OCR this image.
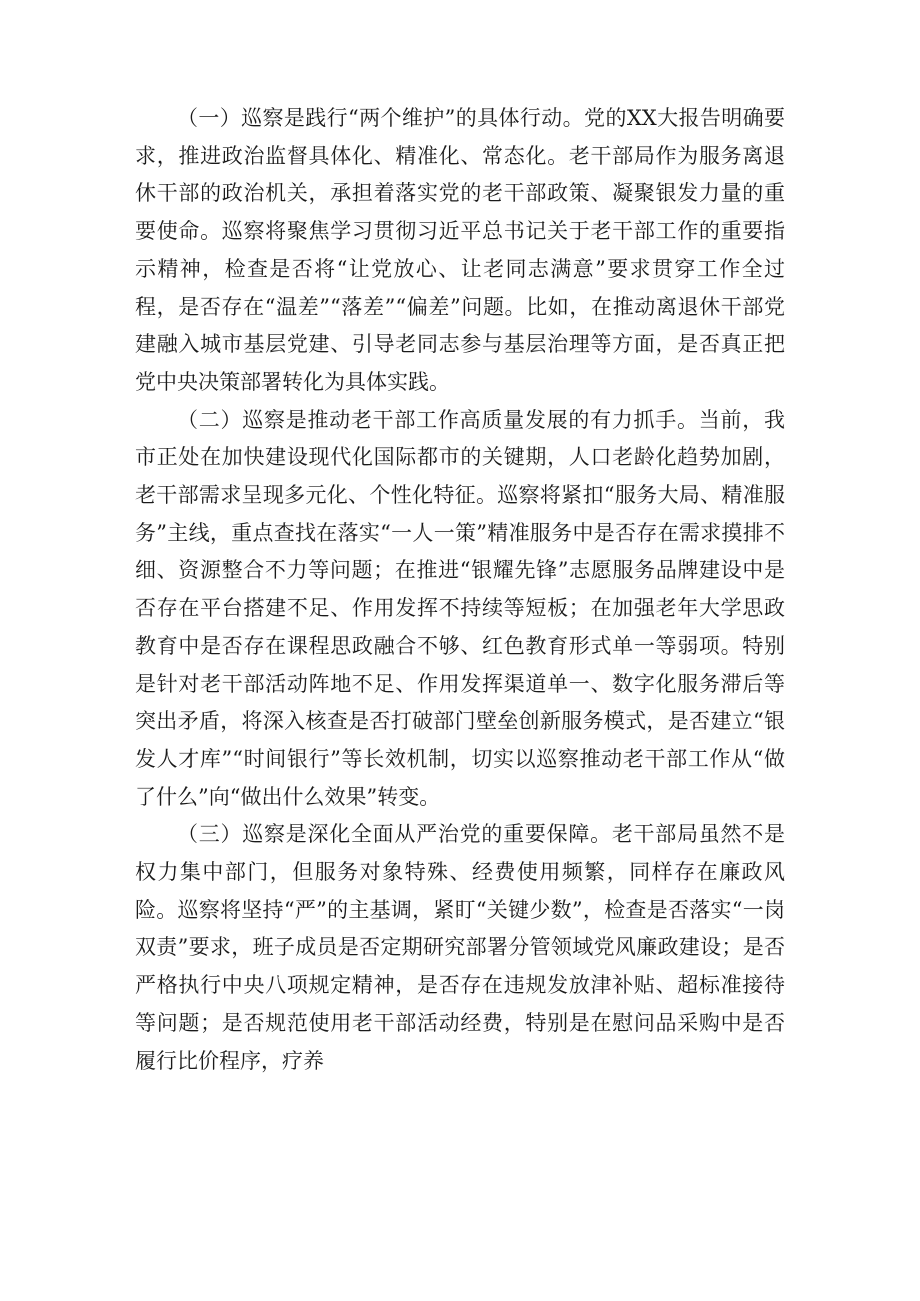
（一）巡察是践行“两个维护”的具体行动。党的XX大报告明确要求，推进政治监督具体化、精准化、常态化。老干部局作为服务离退休干部的政治机关，承担着落实党的老干部政策、凝聚银发力量的重要使命。巡察将聚焦学习贯彻习近平总书记关于老干部工作的重要指示精神，检查是否将“让党放心、让老同志满意”要求贯穿工作全过程，是否存在“温差”“落差”“偏差”问题。比如，在推动离退休干部党建融入城市基层党建、引导老同志参与基层治理等方面，是否真正把党中央决策部署转化为具体实践。

（二）巡察是推动老干部工作高质量发展的有力抓手。当前，我市正处在加快建设现代化国际都市的关键期，人口老龄化趋势加剧，老干部需求呈现多元化、个性化特征。巡察将紧扣“服务大局、精准服务”主线，重点查找在落实“一人一策”精准服务中是否存在需求摸排不细、资源整合不力等问题；在推进“银耀先锋”志愿服务品牌建设中是否存在平台搭建不足、作用发挥不持续等短板；在加强老年大学思政教育中是否存在课程思政融合不够、红色教育形式单一等弱项。特别是针对老干部活动阵地不足、作用发挥渠道单一、数字化服务滞后等突出矛盾，将深入核查是否打破部门壁垒创新服务模式，是否建立“银发人才库”“时间银行”等长效机制，切实以巡察推动老干部工作从“做了什么”向“做出什么效果”转变。

（三）巡察是深化全面从严治党的重要保障。老干部局虽然不是权力集中部门，但服务对象特殊、经费使用频繁，同样存在廉政风险。巡察将坚持“严”的主基调，紧盯“关键少数”，检查是否落实“一岗双责”要求，班子成员是否定期研究部署分管领域党风廉政建设；是否严格执行中央八项规定精神，是否存在违规发放津补贴、超标准接待等问题；是否规范使用老干部活动经费，特别是在慰问品采购中是否履行比价程序，疗养
